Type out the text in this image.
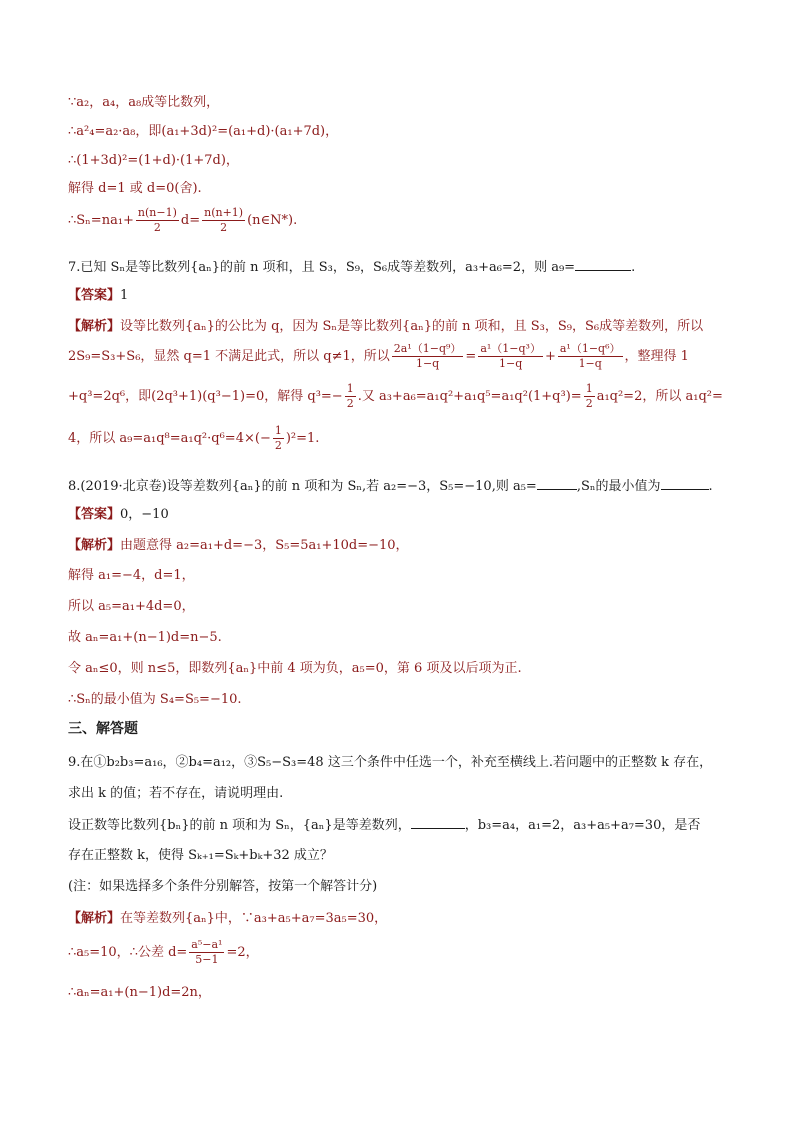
∵a₂，a₄，a₈成等比数列，
∴a²₄=a₂·a₈，即(a₁+3d)²=(a₁+d)·(a₁+7d)，
∴(1+3d)²=(1+d)·(1+7d)，
解得 d=1 或 d=0(舍).
∴Sₙ=na₁+ $\frac{n(n-1)}{2} d= \frac{n(n+1)}{2}$ (n∈N*).
7.已知 Sₙ是等比数列{aₙ}的前 n 项和，且 S₃，S₉，S₆成等差数列，a₃+a₆=2，则 a₉=	.
【答案】1
【解析】设等比数列{aₙ}的公比为 q，因为 Sₙ是等比数列{aₙ}的前 n 项和，且 S₃，S₉，S₆成等差数列，所以
2S₉=S₃+S₆，显然 q=1 不满足此式，所以 q≠1，所以 $\frac{\text{2a¹（1−q⁹）}}{1-q} = \frac{\text{a¹（1−q³）}}{1-q} + \frac{\text{a¹（1−q⁶）}}{1-q}$ ，整理得 1
+q³=2q⁶，即(2q³+1)(q³−1)=0，解得 $q^3=- \frac{1}{2}$ .又 $a_3+a_6=a_1q^2+a_1q^5=a_1q^2(1+q^3)= \frac{1}{2} a_1q^2=2$，所以 a₁q²=
4，所以 $a_9=a_1q^8=a_1q^2\cdot q^6=4\times(- \frac{1}{2} )^2=1$.
8.(2019·北京卷)设等差数列{aₙ}的前 n 项和为 Sₙ,若 a₂=−3，S₅=−10,则 a₅=	,Sₙ的最小值为	.
【答案】0，−10
【解析】由题意得 a₂=a₁+d=−3，S₅=5a₁+10d=−10，
解得 a₁=−4，d=1，
所以 a₅=a₁+4d=0，
故 aₙ=a₁+(n−1)d=n−5.
令 aₙ≤0，则 n≤5，即数列{aₙ}中前 4 项为负，a₅=0，第 6 项及以后项为正.
∴Sₙ的最小值为 S₄=S₅=−10.
三、解答题
9.在①b₂b₃=a₁₆，②b₄=a₁₂，③S₅−S₃=48 这三个条件中任选一个，补充至横线上.若问题中的正整数 k 存在，
求出 k 的值；若不存在，请说明理由.
设正数等比数列{bₙ}的前 n 项和为 Sₙ，{aₙ}是等差数列，	，b₃=a₄，a₁=2，a₃+a₅+a₇=30，是否
存在正整数 k，使得 Sₖ₊₁=Sₖ+bₖ+32 成立？
(注：如果选择多个条件分别解答，按第一个解答计分)
【解析】在等差数列{aₙ}中，∵a₃+a₅+a₇=3a₅=30，
∴a₅=10，∴公差 $d= \frac{\text{a⁵−a¹}}{5-1} =2$，
∴aₙ=a₁+(n−1)d=2n，
